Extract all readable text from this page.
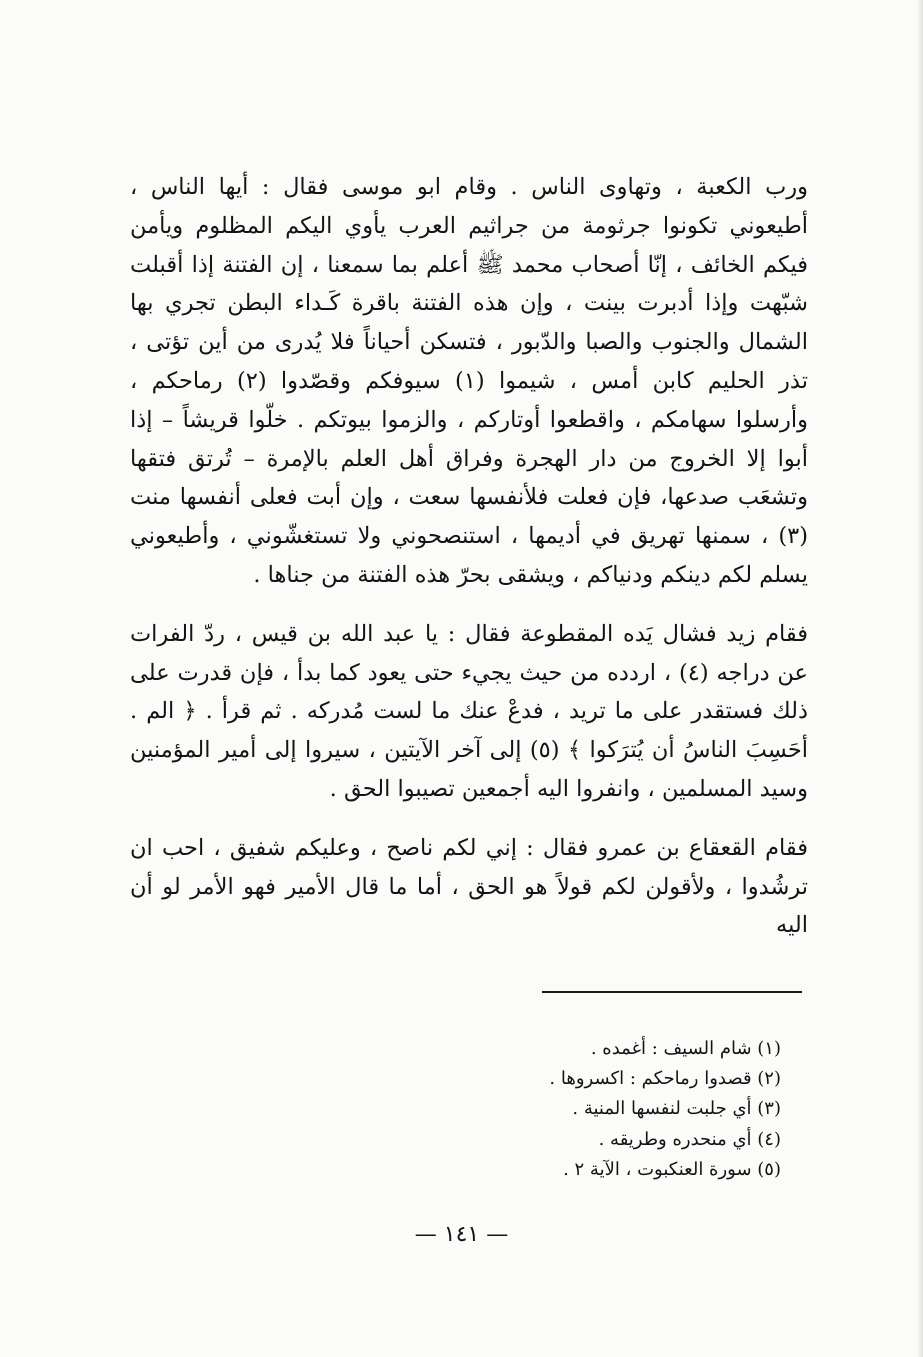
ورب الكعبة ، وتهاوى الناس . وقام ابو موسى فقال : أيها الناس ، أطيعوني تكونوا جرثومة من جراثيم العرب يأوي اليكم المظلوم ويأمن فيكم الخائف ، إنّا أصحاب محمد ﷺ أعلم بما سمعنا ، إن الفتنة إذا أقبلت شبّهت وإذا أدبرت بينت ، وإن هذه الفتنة باقرة كَـداء البطن تجري بها الشمال والجنوب والصبا والدّبور ، فتسكن أحياناً فلا يُدرى من أين تؤتى ، تذر الحليم كابن أمس ، شيموا (١) سيوفكم وقصّدوا (٢) رماحكم ، وأرسلوا سهامكم ، واقطعوا أوتاركم ، والزموا بيوتكم . خلّوا قريشاً – إذا أبوا إلا الخروج من دار الهجرة وفراق أهل العلم بالإمرة – تُرتق فتقها وتشعَب صدعها، فإن فعلت فلأنفسها سعت ، وإن أبت فعلى أنفسها منت (٣) ، سمنها تهريق في أديمها ، استنصحوني ولا تستغشّوني ، وأطيعوني يسلم لكم دينكم ودنياكم ، ويشقى بحرّ هذه الفتنة من جناها .

فقام زيد فشال يَده المقطوعة فقال : يا عبد الله بن قيس ، ردّ الفرات عن دراجه (٤) ، اردده من حيث يجيء حتى يعود كما بدأ ، فإن قدرت على ذلك فستقدر على ما تريد ، فدعْ عنك ما لست مُدركه . ثم قرأ . ﴿ الم . أحَسِبَ الناسُ أن يُترَكوا ﴾ (٥) إلى آخر الآيتين ، سيروا إلى أمير المؤمنين وسيد المسلمين ، وانفروا اليه أجمعين تصيبوا الحق .

فقام القعقاع بن عمرو فقال : إني لكم ناصح ، وعليكم شفيق ، احب ان ترشُدوا ، ولأقولن لكم قولاً هو الحق ، أما ما قال الأمير فهو الأمر لو أن اليه

(١) شام السيف : أغمده .
(٢) قصدوا رماحكم : اكسروها .
(٣) أي جلبت لنفسها المنية .
(٤) أي منحدره وطريقه .
(٥) سورة العنكبوت ، الآية ٢ .
— ١٤١ —
